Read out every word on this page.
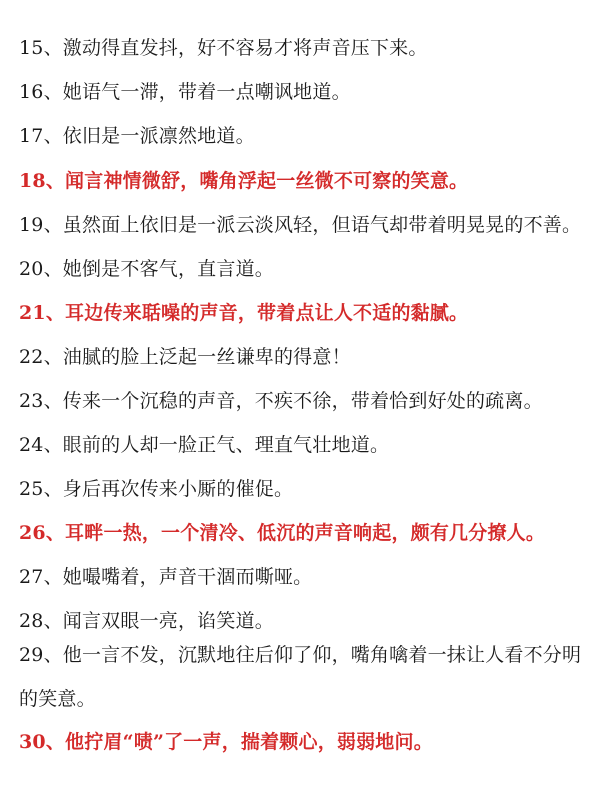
15、激动得直发抖，好不容易才将声音压下来。
16、她语气一滞，带着一点嘲讽地道。
17、依旧是一派凛然地道。
18、闻言神情微舒，嘴角浮起一丝微不可察的笑意。
19、虽然面上依旧是一派云淡风轻，但语气却带着明晃晃的不善。
20、她倒是不客气，直言道。
21、耳边传来聒噪的声音，带着点让人不适的黏腻。
22、油腻的脸上泛起一丝谦卑的得意！
23、传来一个沉稳的声音，不疾不徐，带着恰到好处的疏离。
24、眼前的人却一脸正气、理直气壮地道。
25、身后再次传来小厮的催促。
26、耳畔一热，一个清冷、低沉的声音响起，颇有几分撩人。
27、她嘬嘴着，声音干涸而嘶哑。
28、闻言双眼一亮，谄笑道。
29、他一言不发，沉默地往后仰了仰，嘴角噙着一抹让人看不分明的笑意。
30、他拧眉“啧”了一声，揣着颗心，弱弱地问。
